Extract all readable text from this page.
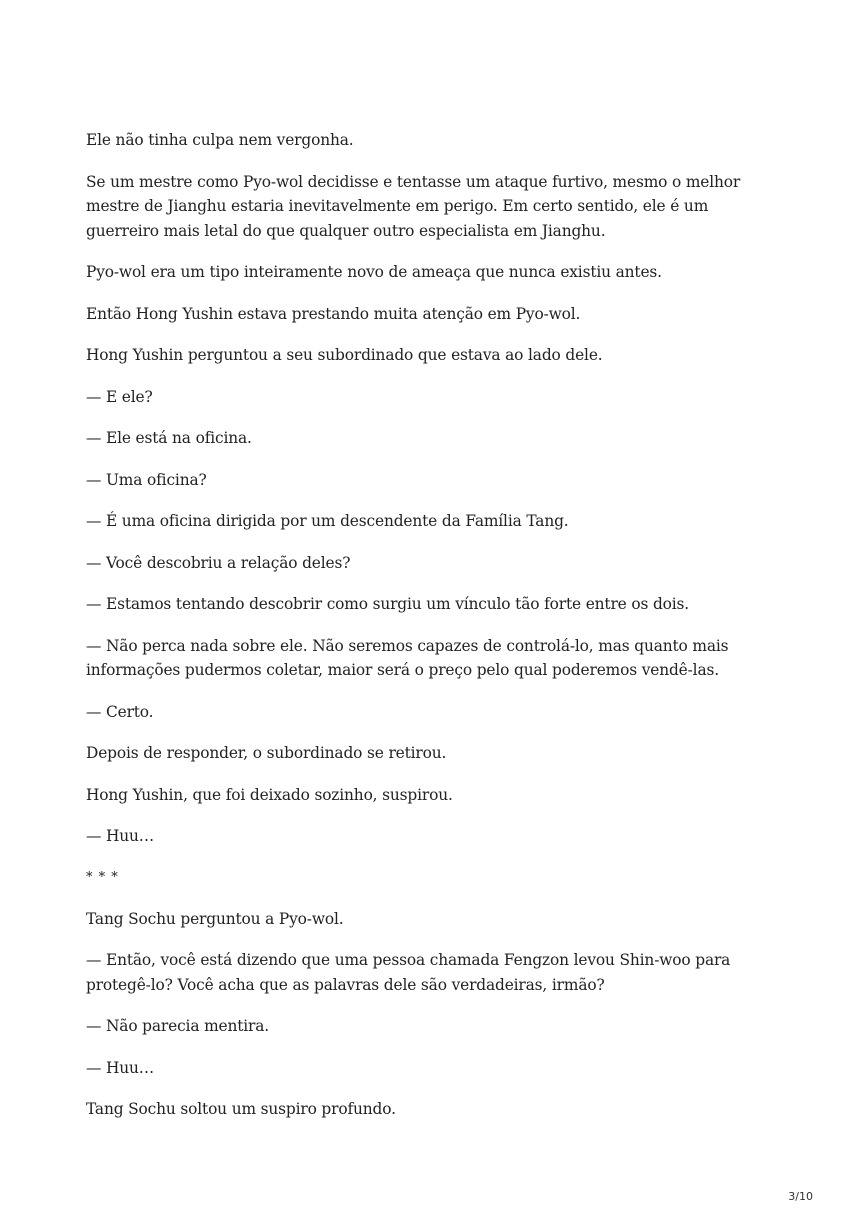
Ele não tinha culpa nem vergonha.

Se um mestre como Pyo-wol decidisse e tentasse um ataque furtivo, mesmo o melhor mestre de Jianghu estaria inevitavelmente em perigo. Em certo sentido, ele é um guerreiro mais letal do que qualquer outro especialista em Jianghu.

Pyo-wol era um tipo inteiramente novo de ameaça que nunca existiu antes.

Então Hong Yushin estava prestando muita atenção em Pyo-wol.

Hong Yushin perguntou a seu subordinado que estava ao lado dele.

— E ele?

— Ele está na oficina.

— Uma oficina?

— É uma oficina dirigida por um descendente da Família Tang.

— Você descobriu a relação deles?

— Estamos tentando descobrir como surgiu um vínculo tão forte entre os dois.

— Não perca nada sobre ele. Não seremos capazes de controlá-lo, mas quanto mais informações pudermos coletar, maior será o preço pelo qual poderemos vendê-las.

— Certo.

Depois de responder, o subordinado se retirou.

Hong Yushin, que foi deixado sozinho, suspirou.

— Huu…

* * *

Tang Sochu perguntou a Pyo-wol.

— Então, você está dizendo que uma pessoa chamada Fengzon levou Shin-woo para protegê-lo? Você acha que as palavras dele são verdadeiras, irmão?

— Não parecia mentira.

— Huu…

Tang Sochu soltou um suspiro profundo.

3/10
